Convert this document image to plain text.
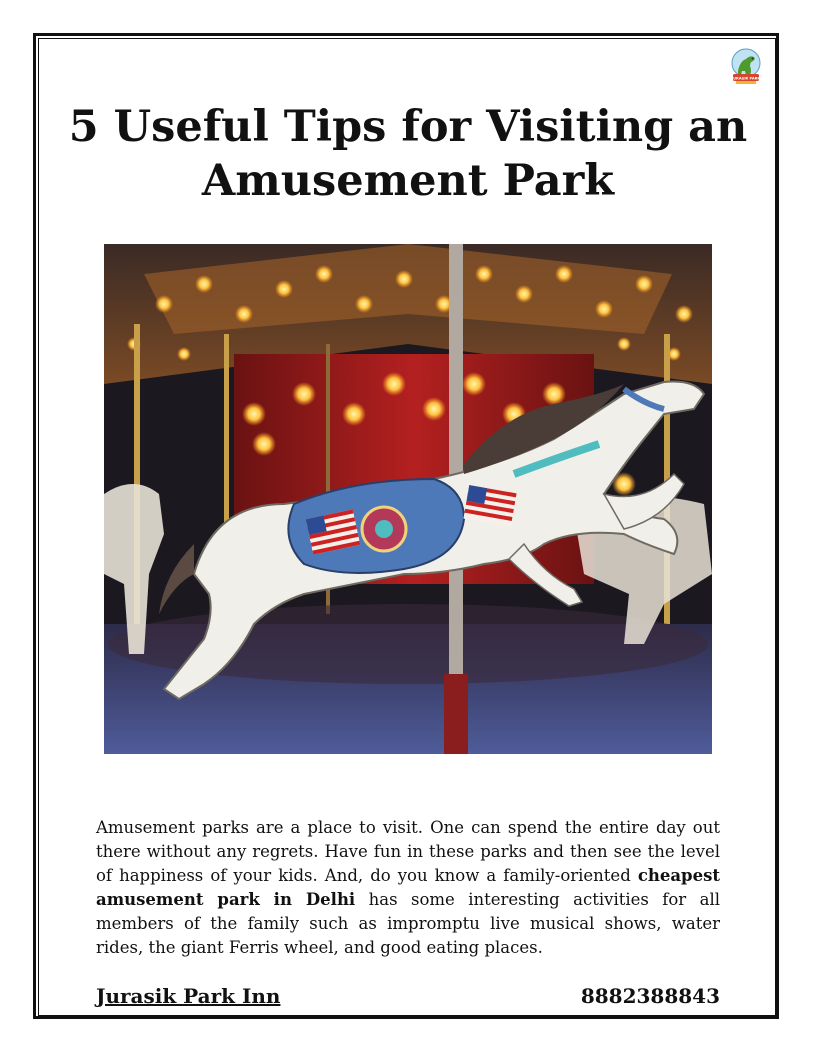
JURASIK PARK
5 Useful Tips for Visiting an Amusement Park

Amusement parks are a place to visit. One can spend the entire day out there without any regrets. Have fun in these parks and then see the level of happiness of your kids. And, do you know a family-oriented cheapest amusement park in Delhi has some interesting activities for all members of the family such as impromptu live musical shows, water rides, the giant Ferris wheel, and good eating places.

Jurasik Park Inn	8882388843
